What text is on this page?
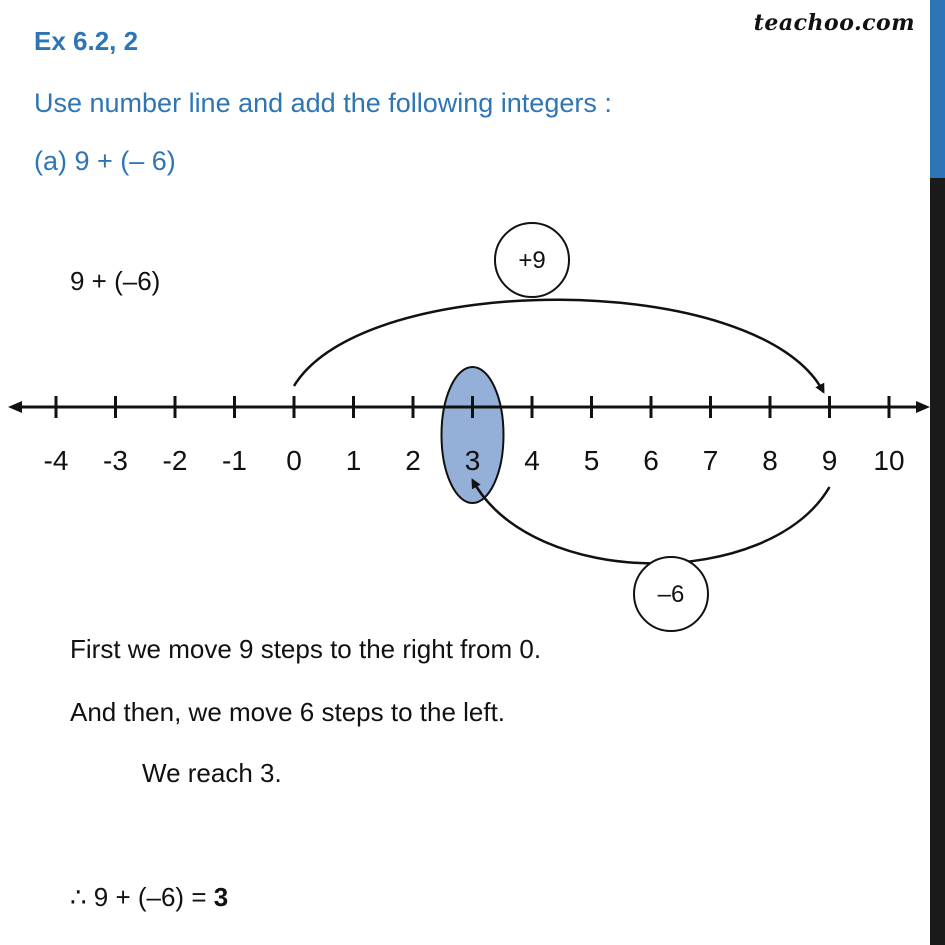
Ex 6.2, 2
Use number line and add the following integers :
(a) 9 + (– 6)
teachoo.com
9 + (–6)
-4 -3 -2 -1 0 1 2 3 4 5 6 7 8 9 10
+9
–6
First we move 9 steps to the right from 0.
And then, we move 6 steps to the left.
We reach 3.
∴ 9 + (–6) = 3
